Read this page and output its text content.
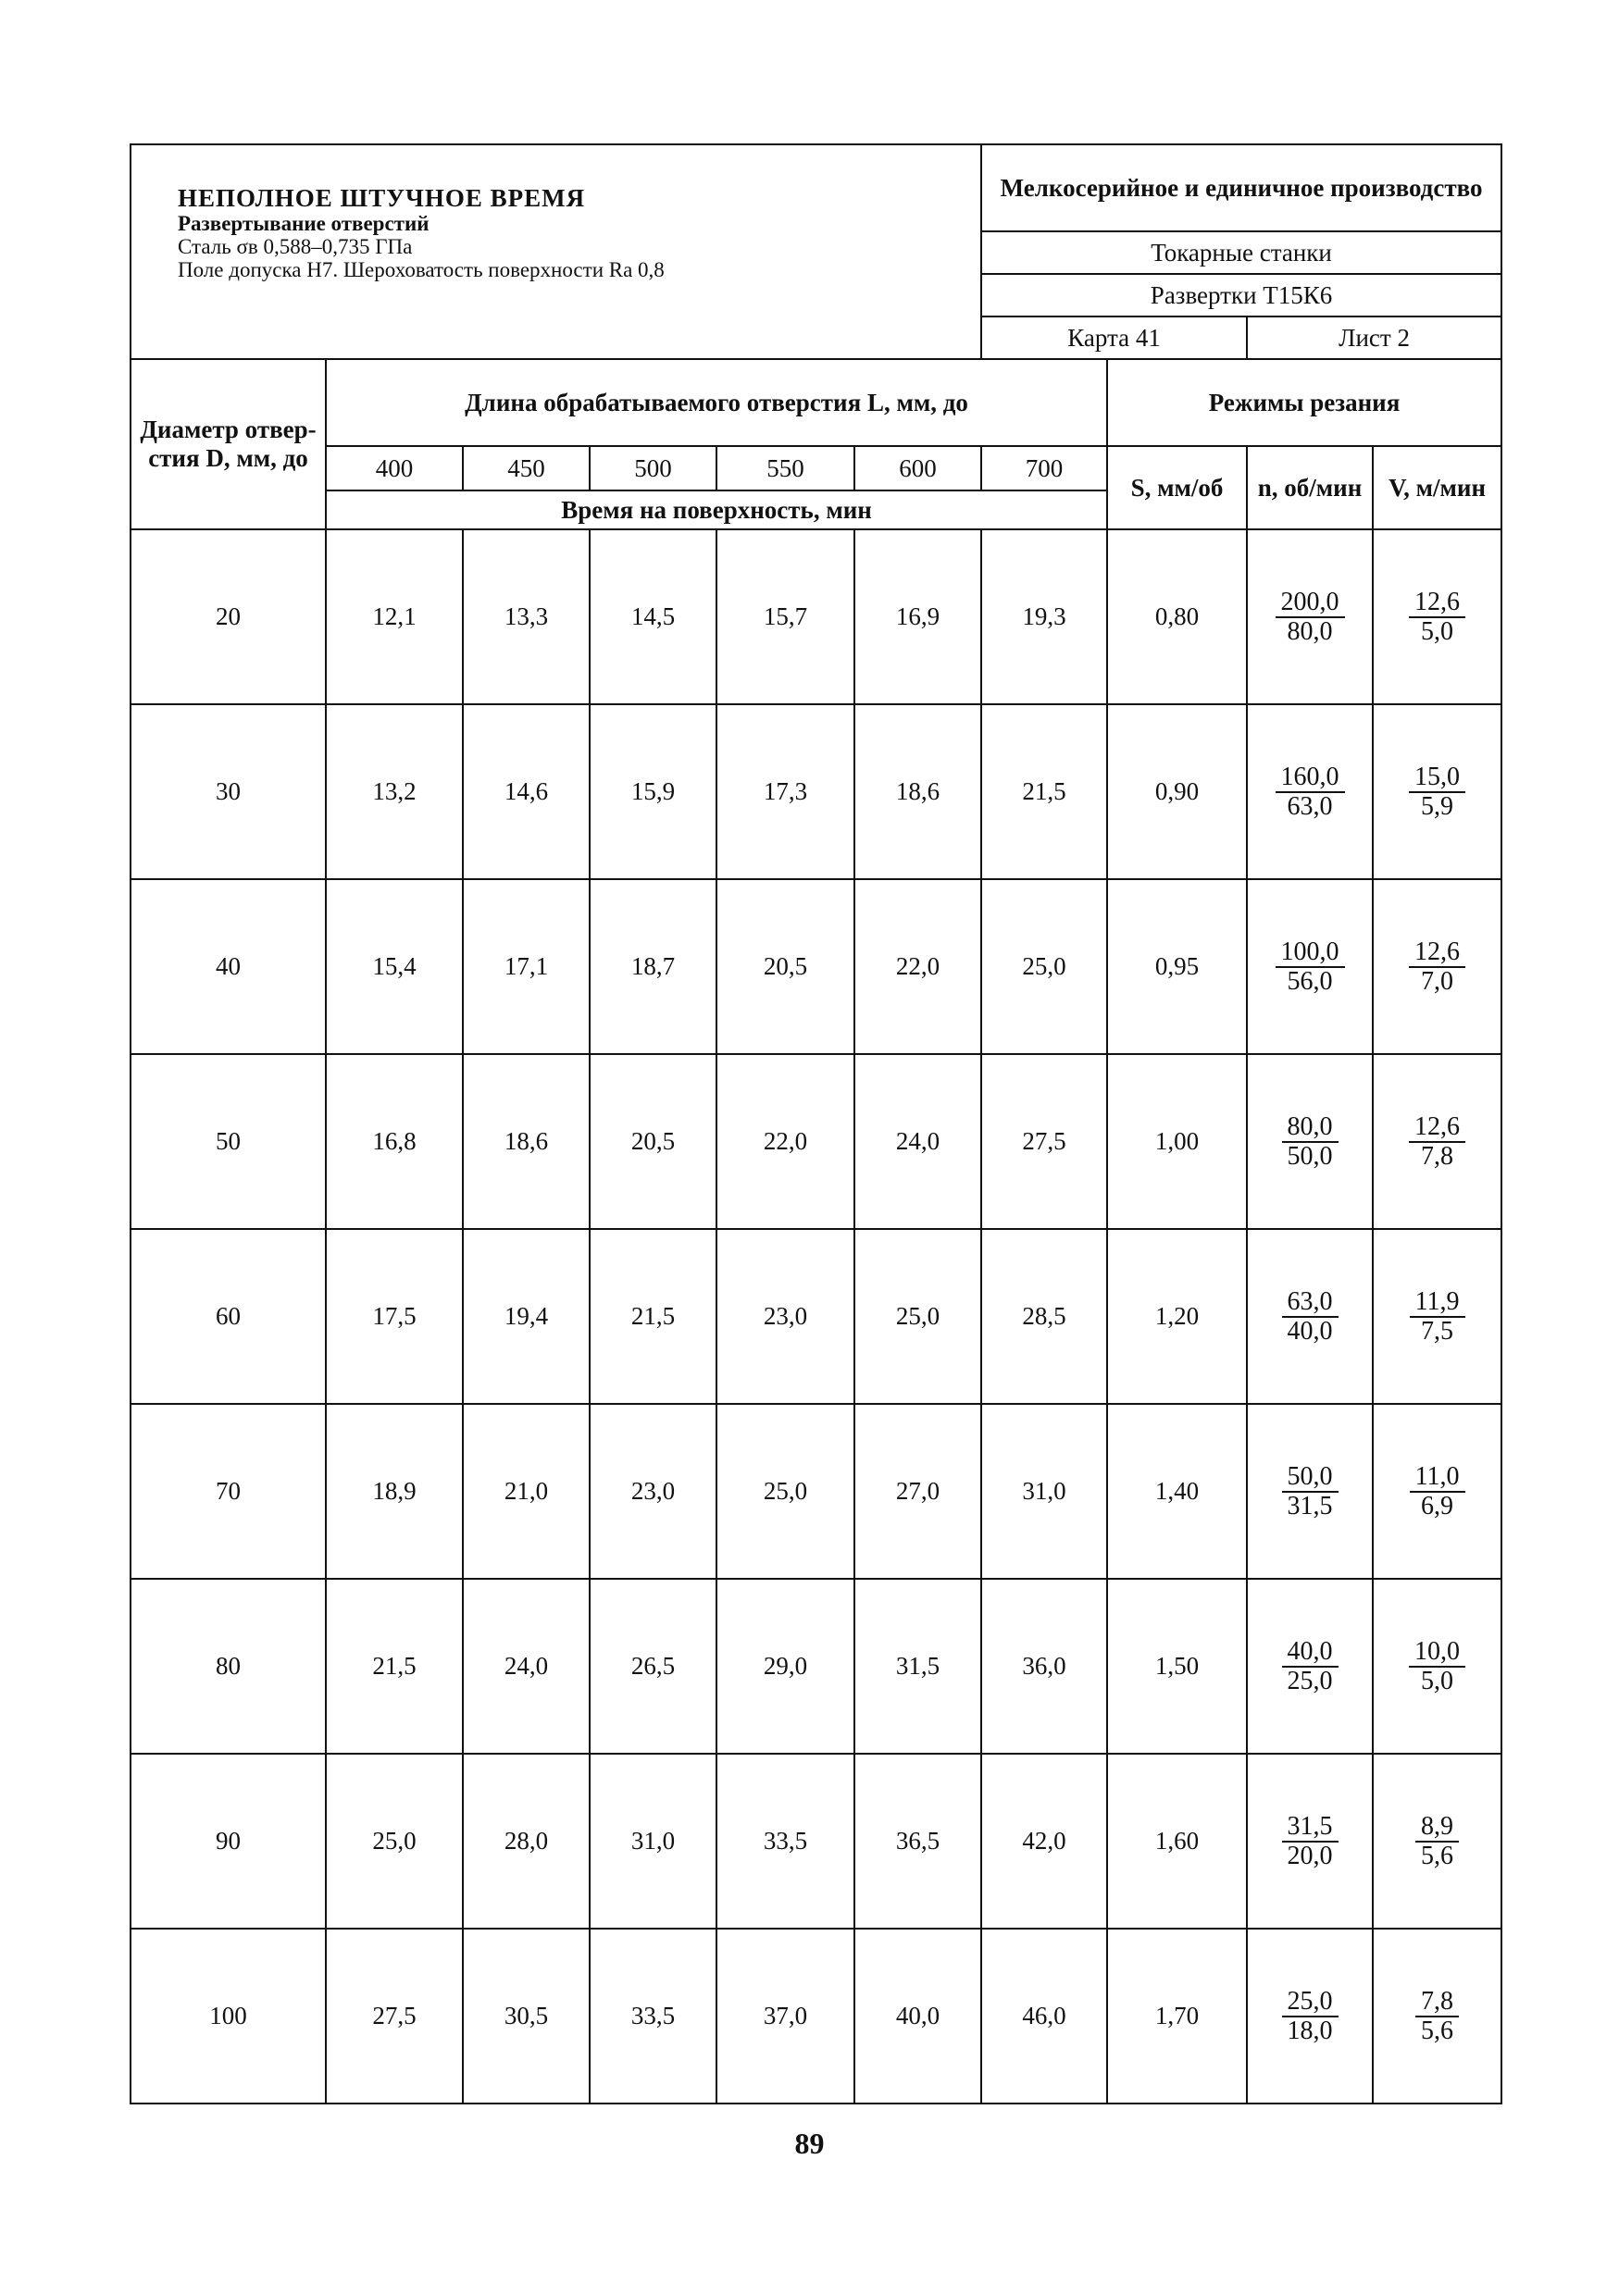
НЕПОЛНОЕ ШТУЧНОЕ ВРЕМЯ
Развертывание отверстий
Сталь σв 0,588–0,735 ГПа
Поле допуска Н7. Шероховатость поверхности Ra 0,8						Мелкосерийное и единичное производство			
						Токарные станки			
						Развертки Т15К6			
						Карта 41		Лист 2	
Диаметр отвер-стия D, мм, до	Длина обрабатываемого отверстия L, мм, до						Режимы резания		
	400	450	500	550	600	700	S, мм/об	n, об/мин	V, м/мин
	Время на поверхность, мин								
20	12,1	13,3	14,5	15,7	16,9	19,3	0,80	$\frac{200,0}{80,0}$	$\frac{12,6}{5,0}$

30	13,2	14,6	15,9	17,3	18,6	21,5	0,90	$\frac{160,0}{63,0}$	$\frac{15,0}{5,9}$

40	15,4	17,1	18,7	20,5	22,0	25,0	0,95	$\frac{100,0}{56,0}$	$\frac{12,6}{7,0}$

50	16,8	18,6	20,5	22,0	24,0	27,5	1,00	$\frac{80,0}{50,0}$	$\frac{12,6}{7,8}$

60	17,5	19,4	21,5	23,0	25,0	28,5	1,20	$\frac{63,0}{40,0}$	$\frac{11,9}{7,5}$

70	18,9	21,0	23,0	25,0	27,0	31,0	1,40	$\frac{50,0}{31,5}$	$\frac{11,0}{6,9}$

80	21,5	24,0	26,5	29,0	31,5	36,0	1,50	$\frac{40,0}{25,0}$	$\frac{10,0}{5,0}$

90	25,0	28,0	31,0	33,5	36,5	42,0	1,60	$\frac{31,5}{20,0}$	$\frac{8,9}{5,6}$

100	27,5	30,5	33,5	37,0	40,0	46,0	1,70	$\frac{25,0}{18,0}$	$\frac{7,8}{5,6}$
89
